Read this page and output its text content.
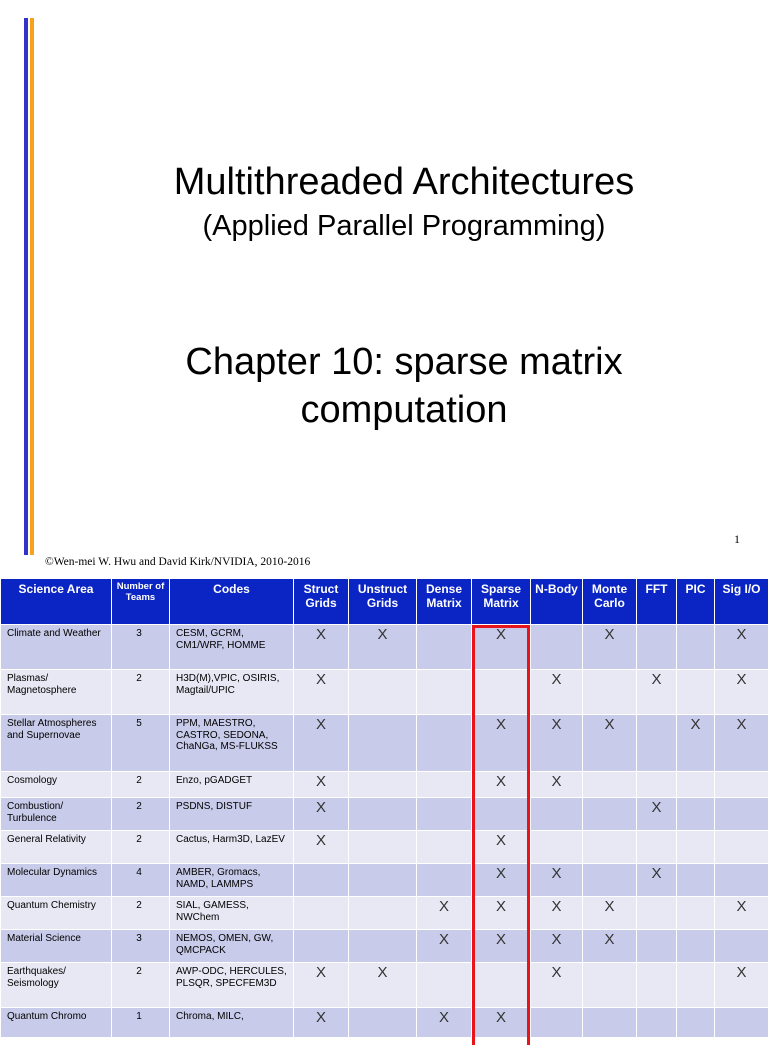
Multithreaded Architectures
(Applied Parallel Programming)
Chapter 10: sparse matrix
computation
1
©Wen-mei W. Hwu and David Kirk/NVIDIA, 2010-2016
Science Area	Number of Teams	Codes	Struct Grids	Unstruct Grids	Dense Matrix	Sparse Matrix	N-Body	Monte Carlo	FFT	PIC	Sig I/O
Climate and Weather	3	CESM, GCRM, CM1/WRF, HOMME	X	X		X		X			X
Plasmas/ Magnetosphere	2	H3D(M),VPIC, OSIRIS, Magtail/UPIC	X				X		X		X
Stellar Atmospheres and Supernovae	5	PPM, MAESTRO, CASTRO, SEDONA, ChaNGa, MS-FLUKSS	X			X	X	X		X	X
Cosmology	2	Enzo, pGADGET	X			X	X				
Combustion/ Turbulence	2	PSDNS, DISTUF	X						X		
General Relativity	2	Cactus, Harm3D, LazEV	X			X					
Molecular Dynamics	4	AMBER, Gromacs, NAMD, LAMMPS				X	X		X		
Quantum Chemistry	2	SIAL, GAMESS, NWChem			X	X	X	X			X
Material Science	3	NEMOS, OMEN, GW, QMCPACK			X	X	X	X			
Earthquakes/ Seismology	2	AWP-ODC, HERCULES, PLSQR, SPECFEM3D	X	X			X				X
Quantum Chromo	1	Chroma, MILC,	X		X	X					
